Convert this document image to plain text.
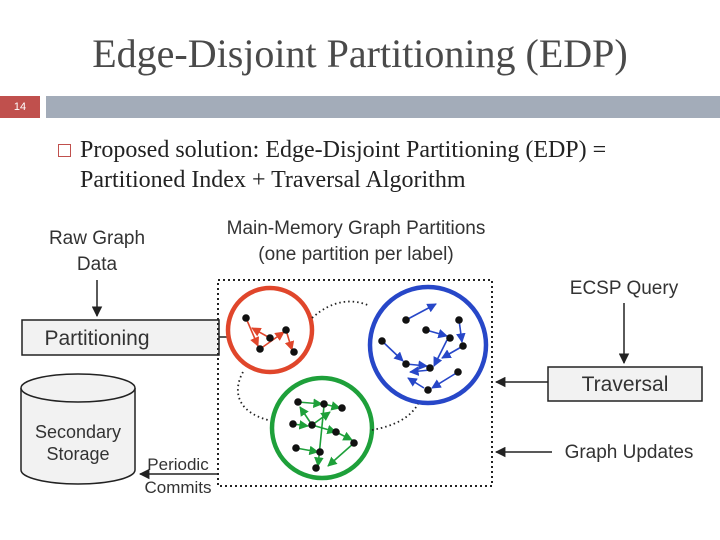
Edge-Disjoint Partitioning (EDP)
14
Proposed solution: Edge-Disjoint Partitioning (EDP) = Partitioned Index + Traversal Algorithm
Raw Graph
Data
Main-Memory Graph Partitions
(one partition per label)
Partitioning
Secondary
Storage
Periodic
Commits
ECSP Query
Traversal
Graph Updates
